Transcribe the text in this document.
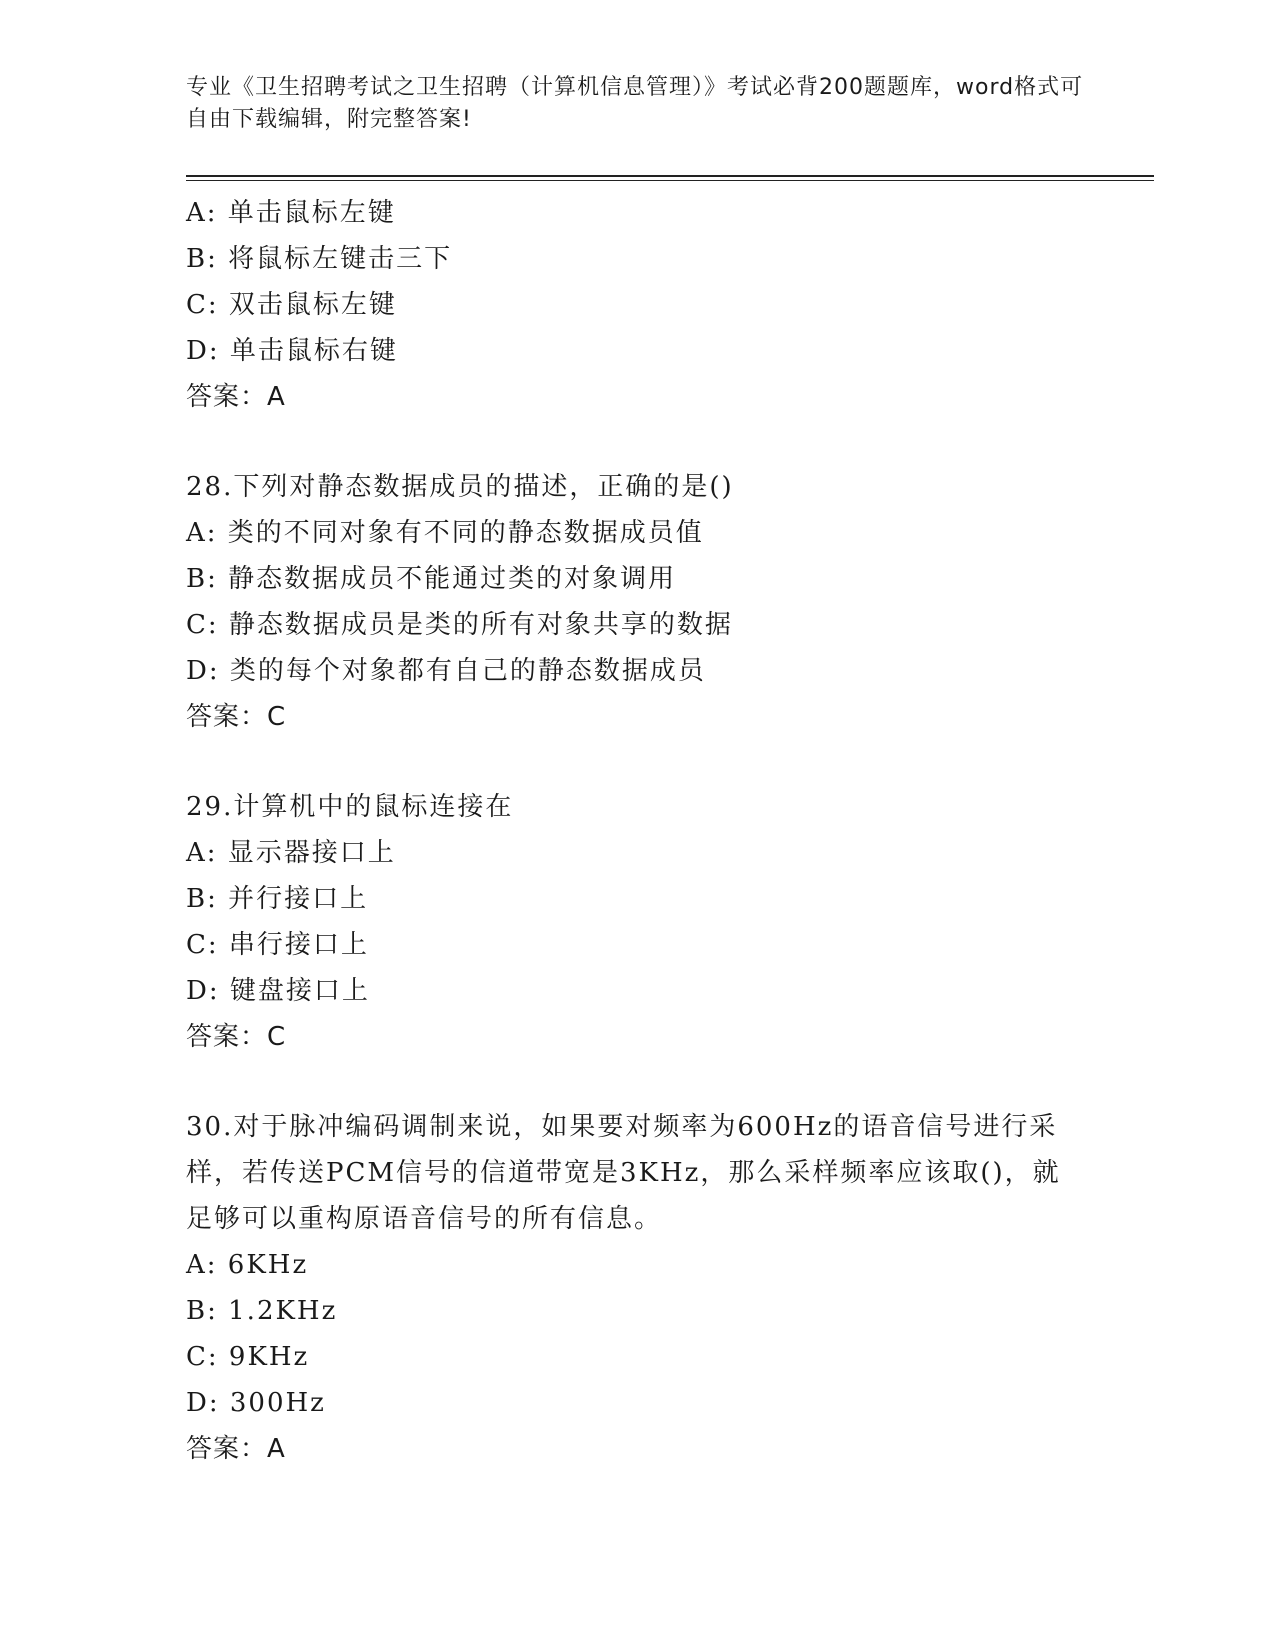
专业《卫生招聘考试之卫生招聘（计算机信息管理）》考试必背200题题库，word格式可自由下载编辑，附完整答案!
A: 单击鼠标左键
B: 将鼠标左键击三下
C: 双击鼠标左键
D: 单击鼠标右键
答案：A
28.下列对静态数据成员的描述，正确的是()
A: 类的不同对象有不同的静态数据成员值
B: 静态数据成员不能通过类的对象调用
C: 静态数据成员是类的所有对象共享的数据
D: 类的每个对象都有自己的静态数据成员
答案：C
29.计算机中的鼠标连接在
A: 显示器接口上
B: 并行接口上
C: 串行接口上
D: 键盘接口上
答案：C
30.对于脉冲编码调制来说，如果要对频率为600Hz的语音信号进行采样，若传送PCM信号的信道带宽是3KHz，那么采样频率应该取()，就足够可以重构原语音信号的所有信息。
A: 6KHz
B: 1.2KHz
C: 9KHz
D: 300Hz
答案：A
